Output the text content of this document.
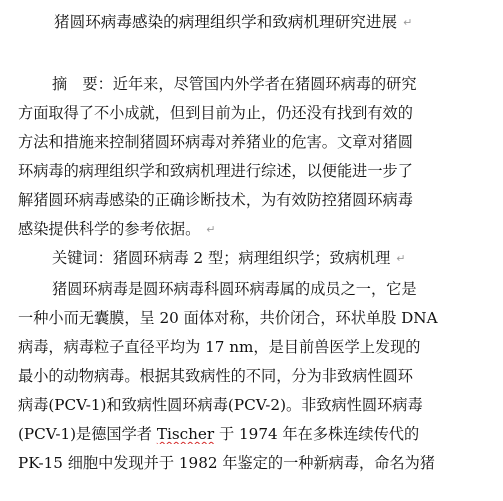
猪圆环病毒感染的病理组织学和致病机理研究进展 ↵
摘　要：近年来，尽管国内外学者在猪圆环病毒的研究
方面取得了不小成就，但到目前为止，仍还没有找到有效的
方法和措施来控制猪圆环病毒对养猪业的危害。文章对猪圆
环病毒的病理组织学和致病机理进行综述，以便能进一步了
解猪圆环病毒感染的正确诊断技术，为有效防控猪圆环病毒
感染提供科学的参考依据。 ↵
关键词：猪圆环病毒 2 型；病理组织学；致病机理 ↵
猪圆环病毒是圆环病毒科圆环病毒属的成员之一，它是
一种小而无囊膜，呈 20 面体对称，共价闭合，环状单股 DNA
病毒，病毒粒子直径平均为 17 nm，是目前兽医学上发现的
最小的动物病毒。根据其致病性的不同，分为非致病性圆环
病毒(PCV-1)和致病性圆环病毒(PCV-2)。非致病性圆环病毒
(PCV-1)是德国学者 Tischer 于 1974 年在多株连续传代的
PK-15 细胞中发现并于 1982 年鉴定的一种新病毒，命名为猪
